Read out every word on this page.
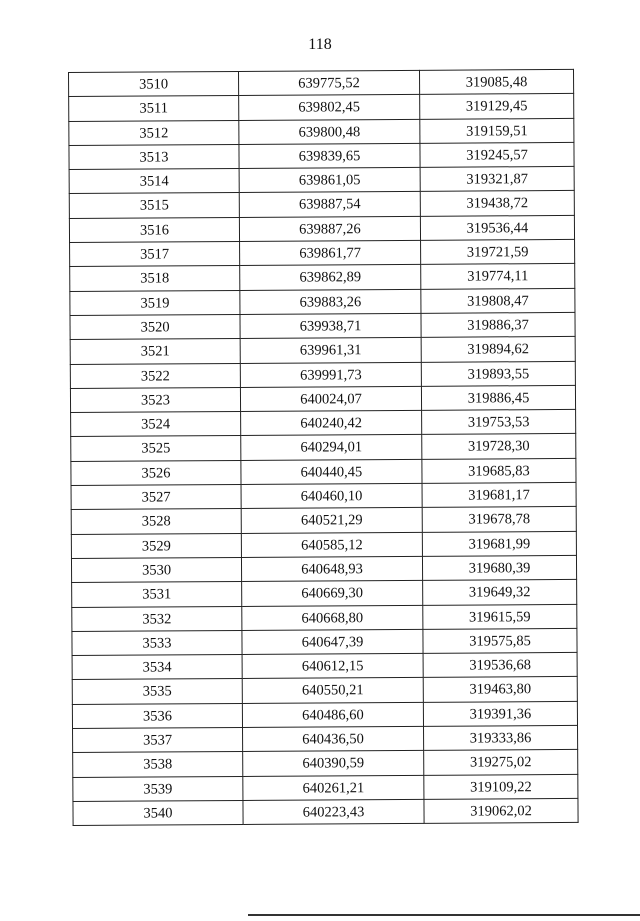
118
3510	639775,52	319085,48
3511	639802,45	319129,45
3512	639800,48	319159,51
3513	639839,65	319245,57
3514	639861,05	319321,87
3515	639887,54	319438,72
3516	639887,26	319536,44
3517	639861,77	319721,59
3518	639862,89	319774,11
3519	639883,26	319808,47
3520	639938,71	319886,37
3521	639961,31	319894,62
3522	639991,73	319893,55
3523	640024,07	319886,45
3524	640240,42	319753,53
3525	640294,01	319728,30
3526	640440,45	319685,83
3527	640460,10	319681,17
3528	640521,29	319678,78
3529	640585,12	319681,99
3530	640648,93	319680,39
3531	640669,30	319649,32
3532	640668,80	319615,59
3533	640647,39	319575,85
3534	640612,15	319536,68
3535	640550,21	319463,80
3536	640486,60	319391,36
3537	640436,50	319333,86
3538	640390,59	319275,02
3539	640261,21	319109,22
3540	640223,43	319062,02
